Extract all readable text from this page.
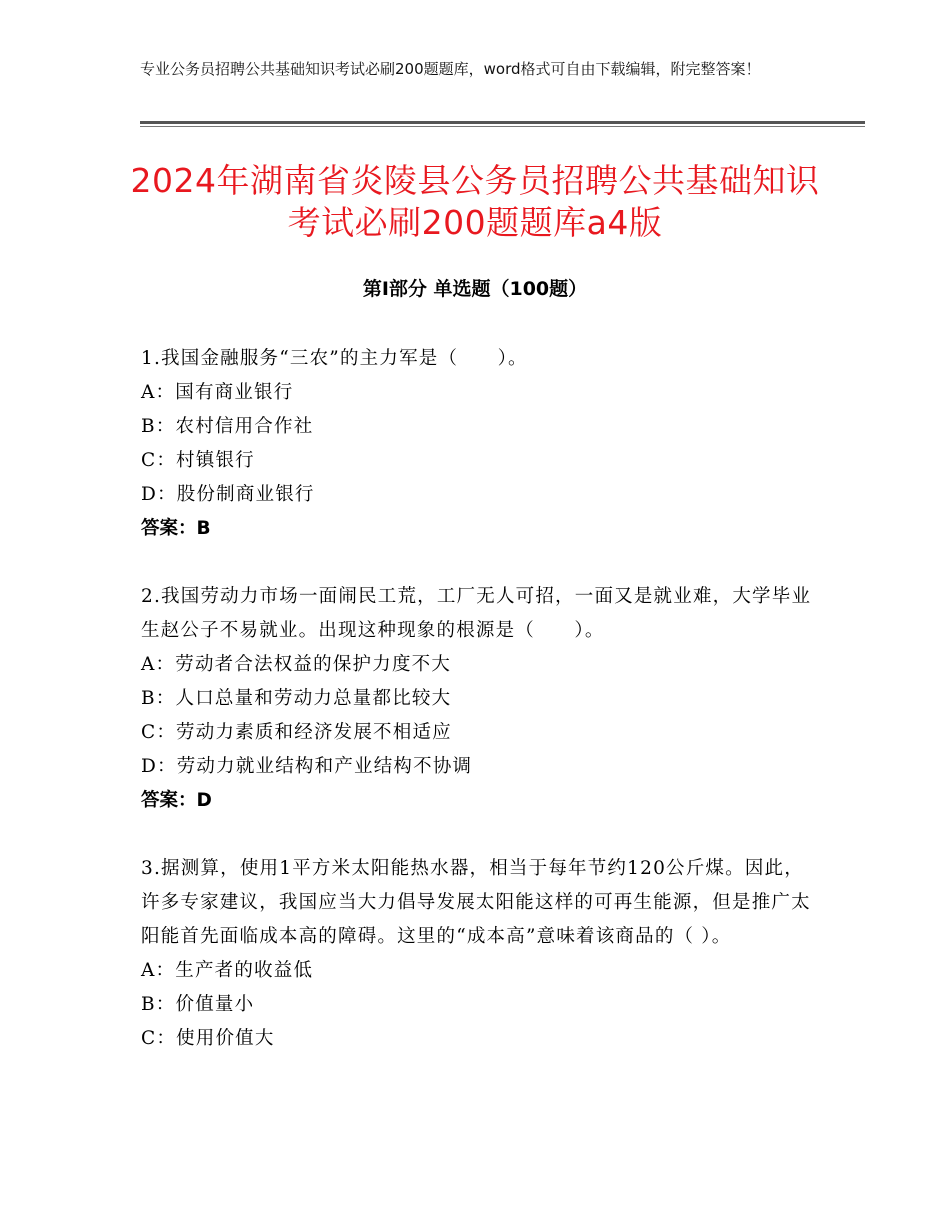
专业公务员招聘公共基础知识考试必刷200题题库，word格式可自由下载编辑，附完整答案！
2024年湖南省炎陵县公务员招聘公共基础知识考试必刷200题题库a4版
第Ⅰ部分 单选题（100题）
1.我国金融服务“三农”的主力军是（　　）。
A：国有商业银行
B：农村信用合作社
C：村镇银行
D：股份制商业银行
答案：B
2.我国劳动力市场一面闹民工荒，工厂无人可招，一面又是就业难，大学毕业生赵公子不易就业。出现这种现象的根源是（　　）。
A：劳动者合法权益的保护力度不大
B：人口总量和劳动力总量都比较大
C：劳动力素质和经济发展不相适应
D：劳动力就业结构和产业结构不协调
答案：D
3.据测算，使用1平方米太阳能热水器，相当于每年节约120公斤煤。因此，许多专家建议，我国应当大力倡导发展太阳能这样的可再生能源，但是推广太阳能首先面临成本高的障碍。这里的“成本高”意味着该商品的（ ）。
A：生产者的收益低
B：价值量小
C：使用价值大
